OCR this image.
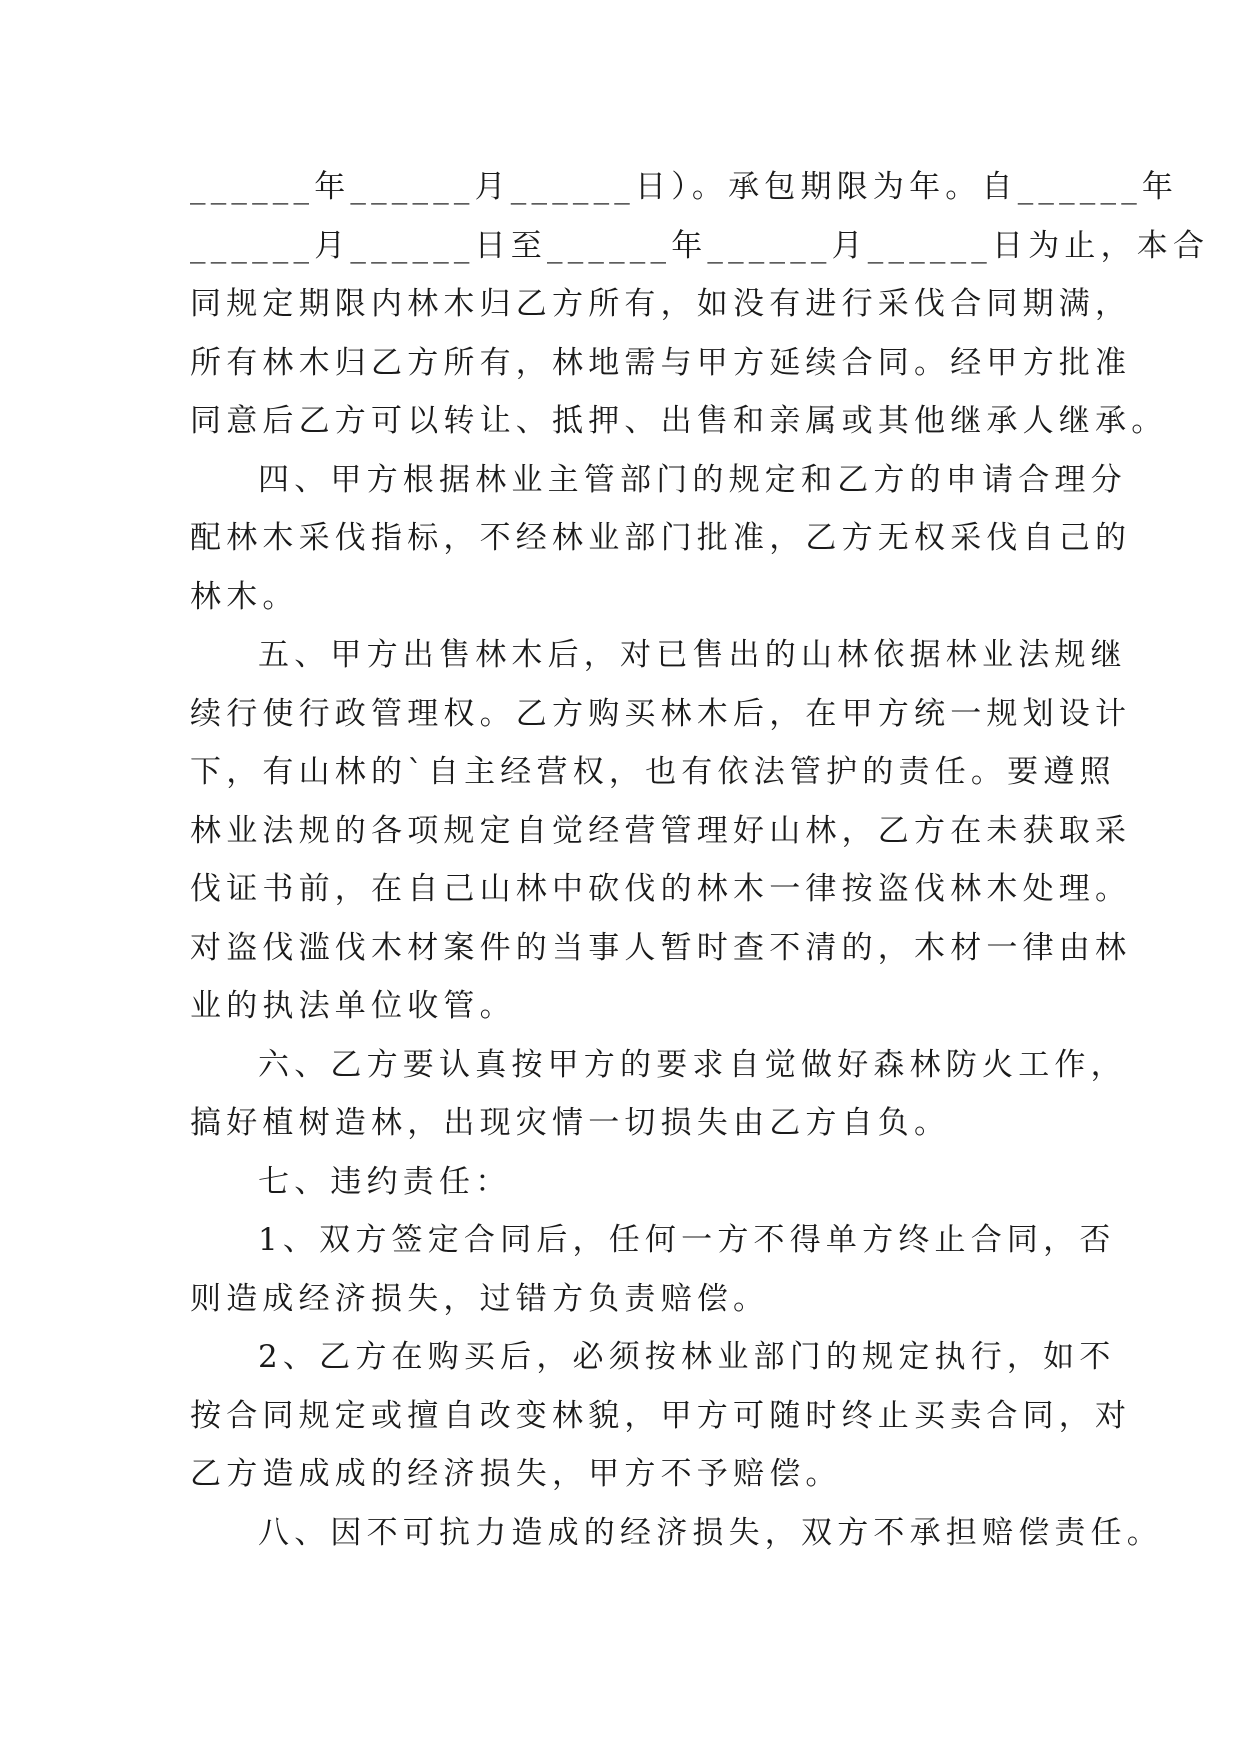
______年______月______日）。承包期限为年。自______年
______月______日至______年______月______日为止，本合
同规定期限内林木归乙方所有，如没有进行采伐合同期满，
所有林木归乙方所有，林地需与甲方延续合同。经甲方批准
同意后乙方可以转让、抵押、出售和亲属或其他继承人继承。
四、甲方根据林业主管部门的规定和乙方的申请合理分
配林木采伐指标，不经林业部门批准，乙方无权采伐自己的
林木。
五、甲方出售林木后，对已售出的山林依据林业法规继
续行使行政管理权。乙方购买林木后，在甲方统一规划设计
下，有山林的`自主经营权，也有依法管护的责任。要遵照
林业法规的各项规定自觉经营管理好山林，乙方在未获取采
伐证书前，在自己山林中砍伐的林木一律按盗伐林木处理。
对盗伐滥伐木材案件的当事人暂时查不清的，木材一律由林
业的执法单位收管。
六、乙方要认真按甲方的要求自觉做好森林防火工作，
搞好植树造林，出现灾情一切损失由乙方自负。
七、违约责任：
1、双方签定合同后，任何一方不得单方终止合同，否
则造成经济损失，过错方负责赔偿。
2、乙方在购买后，必须按林业部门的规定执行，如不
按合同规定或擅自改变林貌，甲方可随时终止买卖合同，对
乙方造成成的经济损失，甲方不予赔偿。
八、因不可抗力造成的经济损失，双方不承担赔偿责任。
